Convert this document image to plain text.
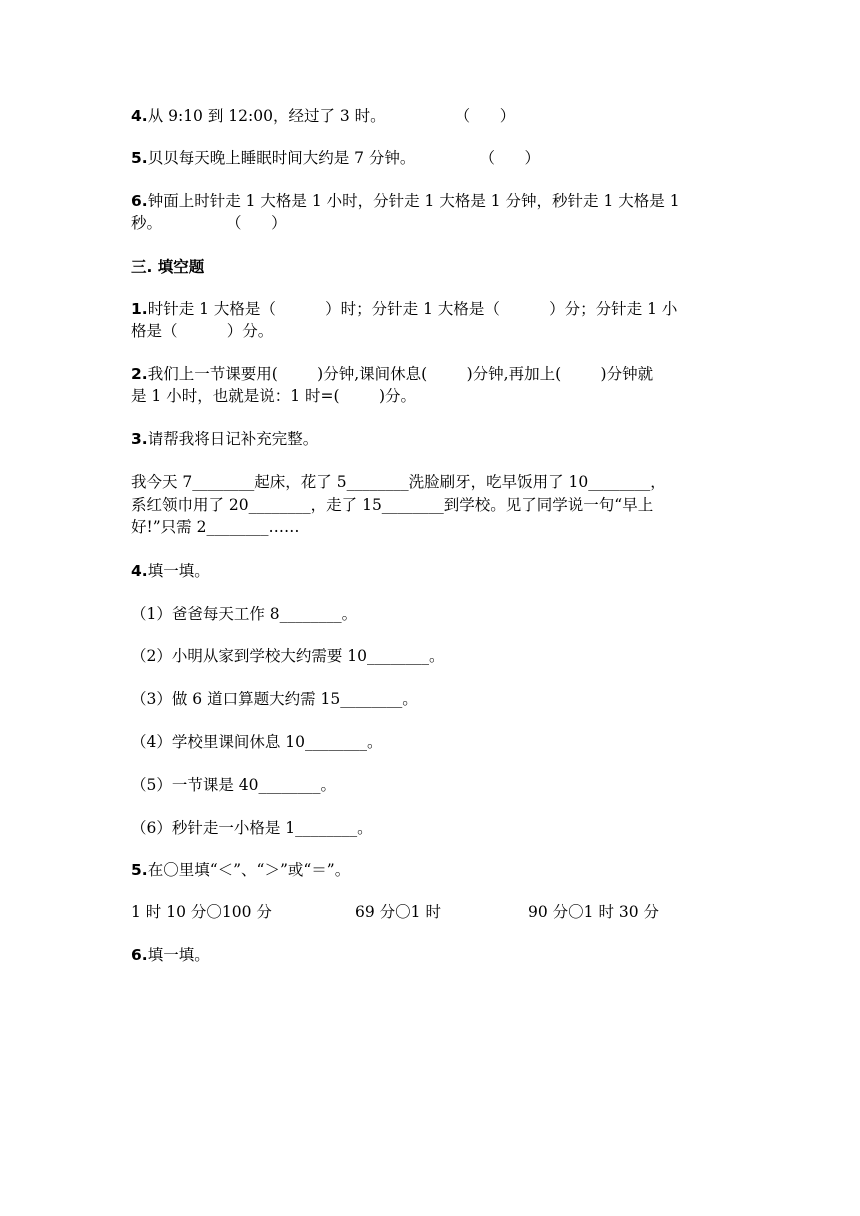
4.从 9:10 到 12:00，经过了 3 时。              （      ）
5.贝贝每天晚上睡眠时间大约是 7 分钟。             （      ）
6.钟面上时针走 1 大格是 1 小时，分针走 1 大格是 1 分钟，秒针走 1 大格是 1
秒。             （      ）
三. 填空题
1.时针走 1 大格是（          ）时；分针走 1 大格是（          ）分；分针走 1 小
格是（          ）分。
2.我们上一节课要用(        )分钟,课间休息(        )分钟,再加上(        )分钟就
是 1 小时，也就是说：1 时=(        )分。
3.请帮我将日记补充完整。
我今天 7________起床，花了 5________洗脸刷牙，吃早饭用了 10________，
系红领巾用了 20________，走了 15________到学校。见了同学说一句“早上
好!”只需 2________……
4.填一填。
（1）爸爸每天工作 8________。
（2）小明从家到学校大约需要 10________。
（3）做 6 道口算题大约需 15________。
（4）学校里课间休息 10________。
（5）一节课是 40________。
（6）秒针走一小格是 1________。
5.在〇里填“＜”、“＞”或“＝”。
1 时 10 分〇100 分	69 分〇1 时	90 分〇1 时 30 分
6.填一填。
